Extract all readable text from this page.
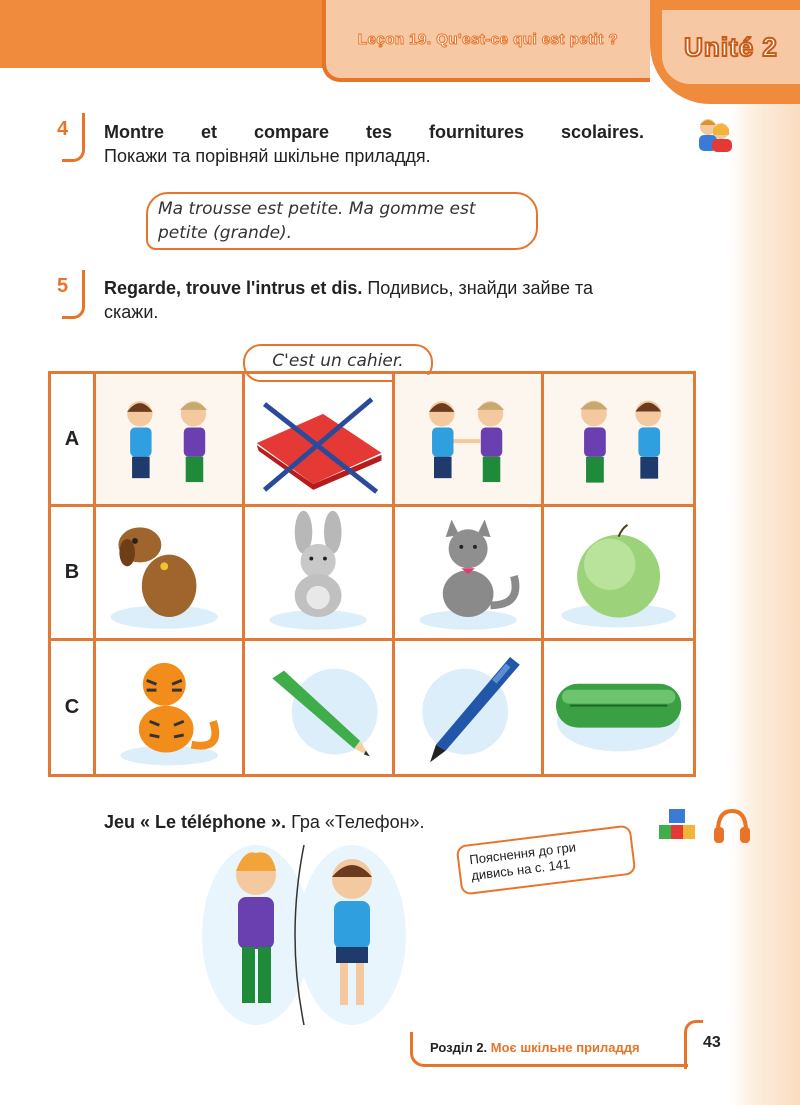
Leçon 19. Qu'est-ce qui est petit ?	Unité 2
4 Montre et compare tes fournitures scolaires.
Покажи та порівняй шкільне приладдя.
Ma trousse est petite. Ma gomme est petite (grande).
5 Regarde, trouve l'intrus et dis. Подивись, знайди зайве та скажи.
C'est un cahier.
A
B
C
Jeu « Le téléphone ». Гра «Телефон».
Пояснення до гри дивись на с. 141
Розділ 2. Моє шкільне приладдя	43
